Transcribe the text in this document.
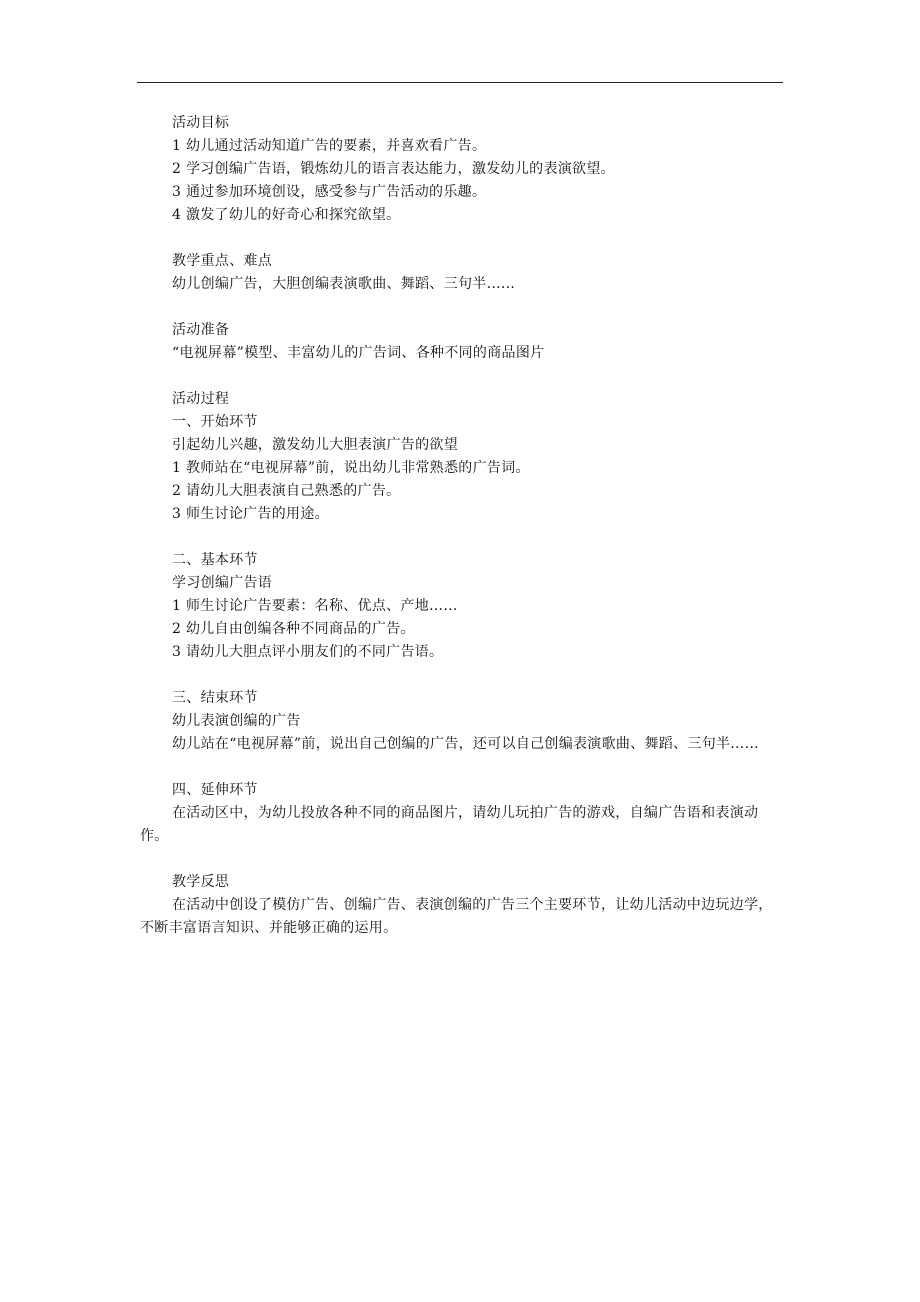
活动目标
1 幼儿通过活动知道广告的要素，并喜欢看广告。
2 学习创编广告语，锻炼幼儿的语言表达能力，激发幼儿的表演欲望。
3 通过参加环境创设，感受参与广告活动的乐趣。
4 激发了幼儿的好奇心和探究欲望。
教学重点、难点
幼儿创编广告，大胆创编表演歌曲、舞蹈、三句半……
活动准备
“电视屏幕”模型、丰富幼儿的广告词、各种不同的商品图片
活动过程
一、开始环节
引起幼儿兴趣，激发幼儿大胆表演广告的欲望
1 教师站在“电视屏幕”前，说出幼儿非常熟悉的广告词。
2 请幼儿大胆表演自己熟悉的广告。
3 师生讨论广告的用途。
二、基本环节
学习创编广告语
1 师生讨论广告要素：名称、优点、产地……
2 幼儿自由创编各种不同商品的广告。
3 请幼儿大胆点评小朋友们的不同广告语。
三、结束环节
幼儿表演创编的广告
幼儿站在“电视屏幕”前，说出自己创编的广告，还可以自己创编表演歌曲、舞蹈、三句半……
四、延伸环节
在活动区中，为幼儿投放各种不同的商品图片，请幼儿玩拍广告的游戏，自编广告语和表演动作。
教学反思
在活动中创设了模仿广告、创编广告、表演创编的广告三个主要环节，让幼儿活动中边玩边学，不断丰富语言知识、并能够正确的运用。
